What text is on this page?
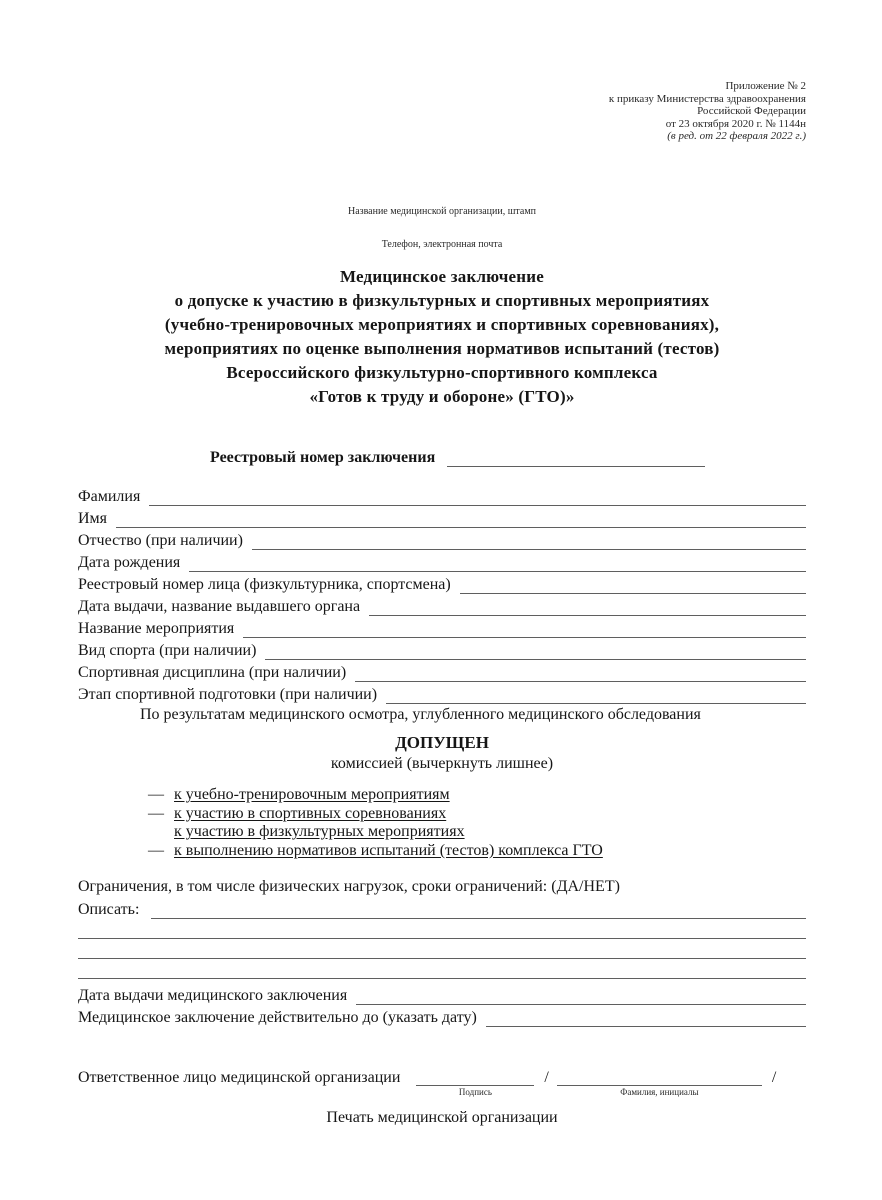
Приложение № 2
к приказу Министерства здравоохранения
Российской Федерации
от 23 октября 2020 г. № 1144н
(в ред. от 22 февраля 2022 г.)
Название медицинской организации, штамп
Телефон, электронная почта
Медицинское заключение
о допуске к участию в физкультурных и спортивных мероприятиях
(учебно-тренировочных мероприятиях и спортивных соревнованиях),
мероприятиях по оценке выполнения нормативов испытаний (тестов)
Всероссийского физкультурно-спортивного комплекса
«Готов к труду и обороне» (ГТО)»
Реестровый номер заключения
Фамилия
Имя
Отчество (при наличии)
Дата рождения
Реестровый номер лица (физкультурника, спортсмена)
Дата выдачи, название выдавшего органа
Название мероприятия
Вид спорта (при наличии)
Спортивная дисциплина (при наличии)
Этап спортивной подготовки (при наличии)
По результатам медицинского осмотра, углубленного медицинского обследования
ДОПУЩЕН
комиссией (вычеркнуть лишнее)
— к учебно-тренировочным мероприятиям
— к участию в спортивных соревнованиях
к участию в физкультурных мероприятиях
— к выполнению нормативов испытаний (тестов) комплекса ГТО
Ограничения, в том числе физических нагрузок, сроки ограничений: (ДА/НЕТ)
Описать:
Дата выдачи медицинского заключения
Медицинское заключение действительно до (указать дату)
Ответственное лицо медицинской организации
Подпись
/
Фамилия, инициалы
/
Печать медицинской организации
